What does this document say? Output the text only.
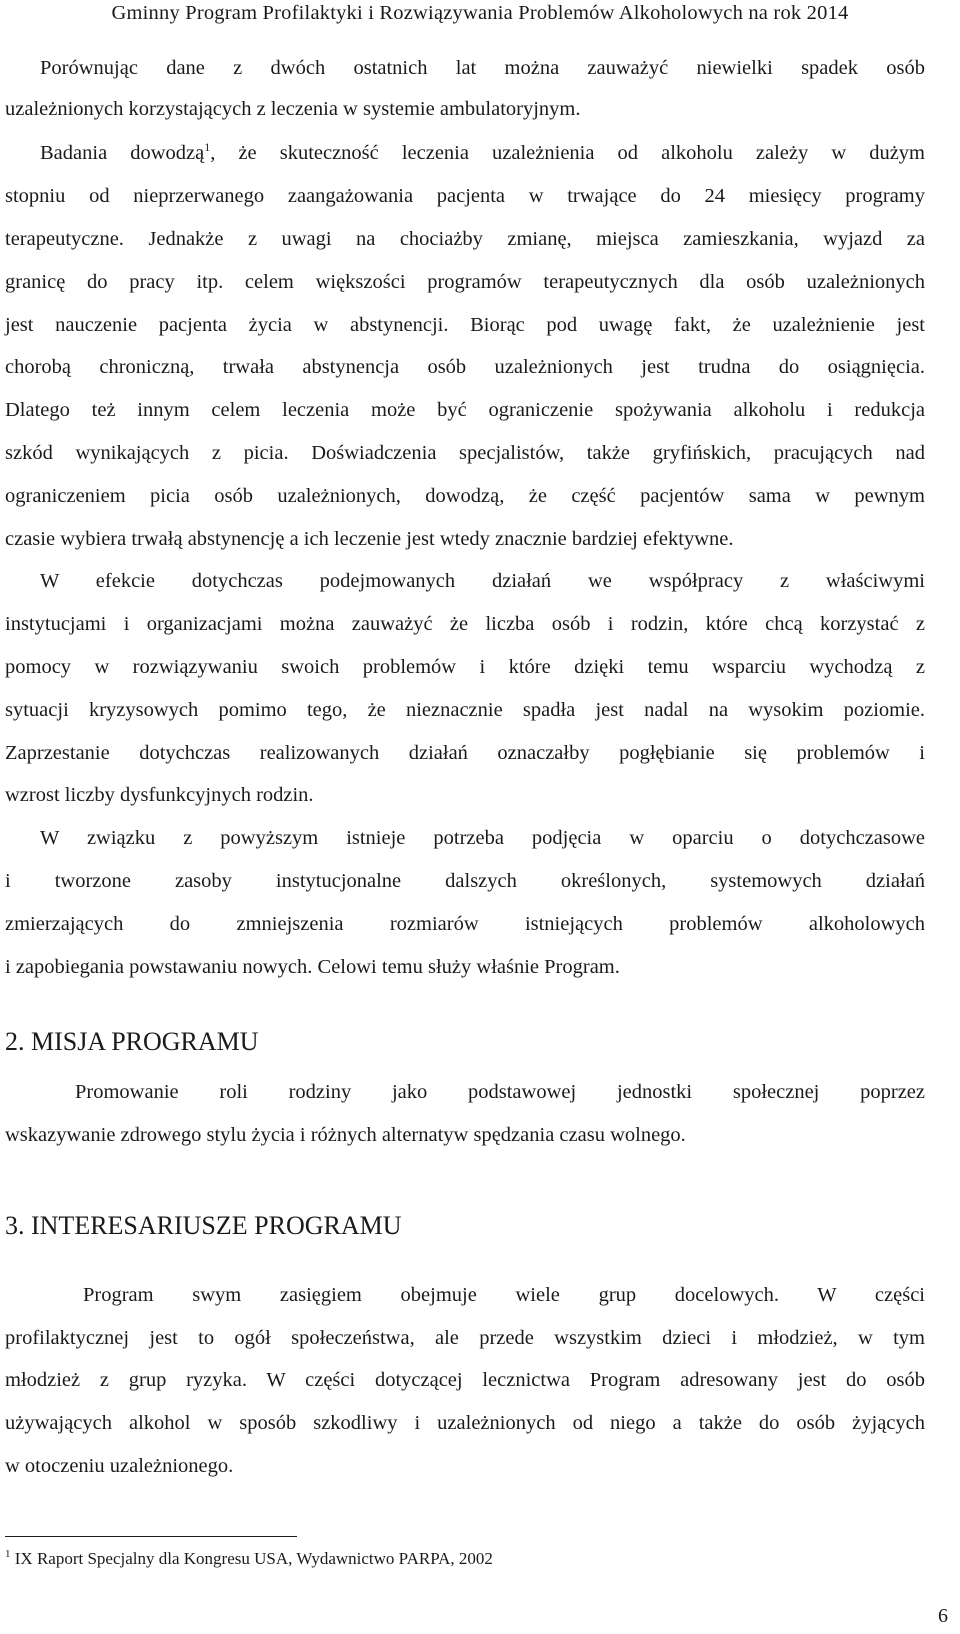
Gminny Program Profilaktyki i Rozwiązywania Problemów Alkoholowych na rok 2014
Porównując dane z dwóch ostatnich lat można zauważyć niewielki spadek osób
uzależnionych korzystających z leczenia w systemie ambulatoryjnym.
Badania dowodzą$^1$, że skuteczność leczenia uzależnienia od alkoholu zależy w dużym
stopniu od nieprzerwanego zaangażowania pacjenta w trwające do 24 miesięcy programy
terapeutyczne. Jednakże z uwagi na chociażby zmianę, miejsca zamieszkania, wyjazd za
granicę do pracy itp. celem większości programów terapeutycznych dla osób uzależnionych
jest nauczenie pacjenta życia w abstynencji. Biorąc pod uwagę fakt, że uzależnienie jest
chorobą chroniczną, trwała abstynencja osób uzależnionych jest trudna do osiągnięcia.
Dlatego też innym celem leczenia może być ograniczenie spożywania alkoholu i redukcja
szkód wynikających z picia. Doświadczenia specjalistów, także gryfińskich, pracujących nad
ograniczeniem picia osób uzależnionych, dowodzą, że część pacjentów sama w pewnym
czasie wybiera trwałą abstynencję a ich leczenie jest wtedy znacznie bardziej efektywne.
W efekcie dotychczas podejmowanych działań we współpracy z właściwymi
instytucjami i organizacjami można zauważyć że liczba osób i rodzin, które chcą korzystać z
pomocy w rozwiązywaniu swoich problemów i które dzięki temu wsparciu wychodzą z
sytuacji kryzysowych pomimo tego, że nieznacznie spadła jest nadal na wysokim poziomie.
Zaprzestanie dotychczas realizowanych działań oznaczałby pogłębianie się problemów i
wzrost liczby dysfunkcyjnych rodzin.
W związku z powyższym istnieje potrzeba podjęcia w oparciu o dotychczasowe
i tworzone zasoby instytucjonalne dalszych określonych, systemowych działań
zmierzających do zmniejszenia rozmiarów istniejących problemów alkoholowych
i zapobiegania powstawaniu nowych. Celowi temu służy właśnie Program.
2. MISJA PROGRAMU
Promowanie roli rodziny jako podstawowej jednostki społecznej poprzez
wskazywanie zdrowego stylu życia i różnych alternatyw spędzania czasu wolnego.
3. INTERESARIUSZE PROGRAMU
Program swym zasięgiem obejmuje wiele grup docelowych. W części
profilaktycznej jest to ogół społeczeństwa, ale przede wszystkim dzieci i młodzież, w tym
młodzież z grup ryzyka. W części dotyczącej lecznictwa Program adresowany jest do osób
używających alkohol w sposób szkodliwy i uzależnionych od niego a także do osób żyjących
w otoczeniu uzależnionego.
$^1$ IX Raport Specjalny dla Kongresu USA, Wydawnictwo PARPA, 2002
6
